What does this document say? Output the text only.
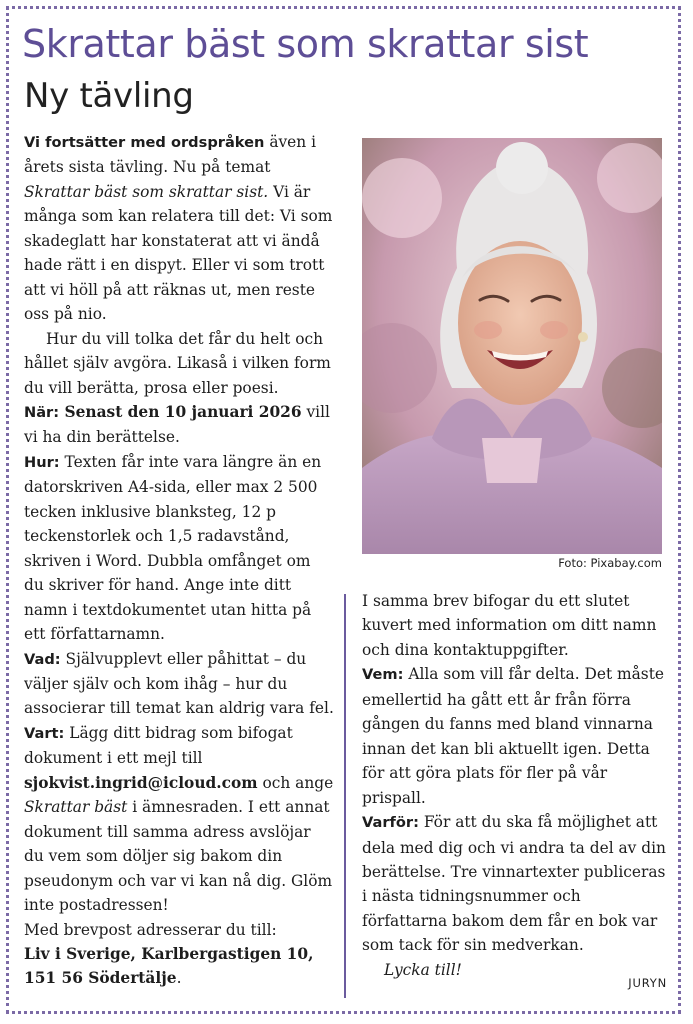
Skrattar bäst som skrattar sist
Ny tävling

Vi fortsätter med ordspråken även i årets sista tävling. Nu på temat Skrattar bäst som skrattar sist. Vi är många som kan relatera till det: Vi som skadeglatt har konstaterat att vi ändå hade rätt i en dispyt. Eller vi som trott att vi höll på att räknas ut, men reste oss på nio.

Hur du vill tolka det får du helt och hållet själv avgöra. Likaså i vilken form du vill berätta, prosa eller poesi.

När: Senast den 10 januari 2026 vill vi ha din berättelse.

Hur: Texten får inte vara längre än en datorskriven A4-sida, eller max 2 500 tecken inklusive blanksteg, 12 p teckenstorlek och 1,5 radavstånd, skriven i Word. Dubbla omfånget om du skriver för hand. Ange inte ditt namn i textdokumentet utan hitta på ett författarnamn.

Vad: Självupplevt eller påhittat – du väljer själv och kom ihåg – hur du associerar till temat kan aldrig vara fel.

Vart: Lägg ditt bidrag som bifogat dokument i ett mejl till sjokvist.ingrid@icloud.com och ange Skrattar bäst i ämnesraden. I ett annat dokument till samma adress avslöjar du vem som döljer sig bakom din pseudonym och var vi kan nå dig. Glöm inte postadressen!

Med brevpost adresserar du till:

Liv i Sverige, Karlbergastigen 10,
151 56 Södertälje.

Foto: Pixabay.com

I samma brev bifogar du ett slutet kuvert med information om ditt namn och dina kontaktuppgifter.

Vem: Alla som vill får delta. Det måste emellertid ha gått ett år från förra gången du fanns med bland vinnarna innan det kan bli aktuellt igen. Detta för att göra plats för fler på vår prispall.

Varför: För att du ska få möjlighet att dela med dig och vi andra ta del av din berättelse. Tre vinnartexter publiceras i nästa tidningsnummer och författarna bakom dem får en bok var som tack för sin medverkan.

Lycka till!

JURYN
